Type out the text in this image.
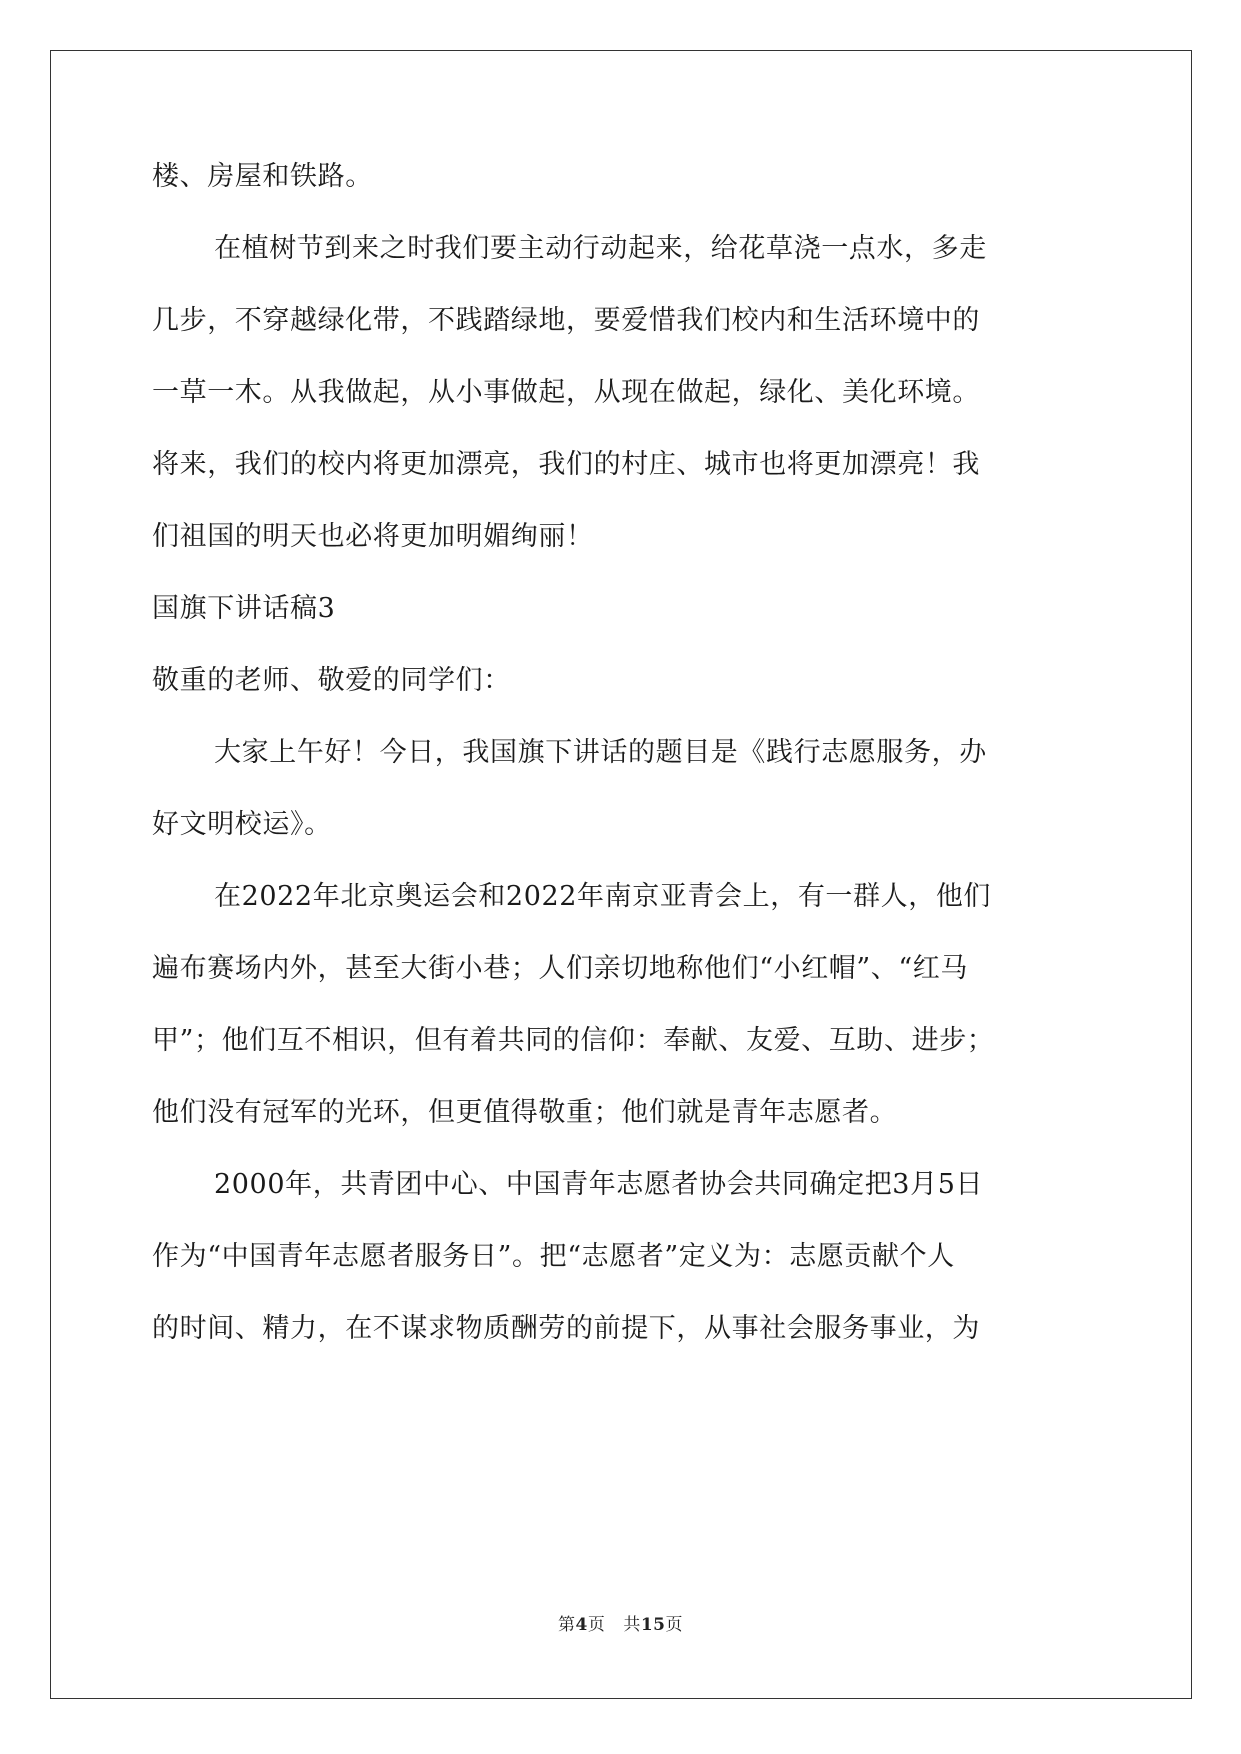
楼、房屋和铁路。
在植树节到来之时我们要主动行动起来，给花草浇一点水，多走
几步，不穿越绿化带，不践踏绿地，要爱惜我们校内和生活环境中的
一草一木。从我做起，从小事做起，从现在做起，绿化、美化环境。
将来，我们的校内将更加漂亮，我们的村庄、城市也将更加漂亮！我
们祖国的明天也必将更加明媚绚丽！
国旗下讲话稿3
敬重的老师、敬爱的同学们：
大家上午好！今日，我国旗下讲话的题目是《践行志愿服务，办
好文明校运》。
在2022年北京奥运会和2022年南京亚青会上，有一群人，他们
遍布赛场内外，甚至大街小巷；人们亲切地称他们“小红帽”、“红马
甲”；他们互不相识，但有着共同的信仰：奉献、友爱、互助、进步；
他们没有冠军的光环，但更值得敬重；他们就是青年志愿者。
2000年，共青团中心、中国青年志愿者协会共同确定把3月5日
作为“中国青年志愿者服务日”。把“志愿者”定义为：志愿贡献个人
的时间、精力，在不谋求物质酬劳的前提下，从事社会服务事业，为
第4页 共15页
